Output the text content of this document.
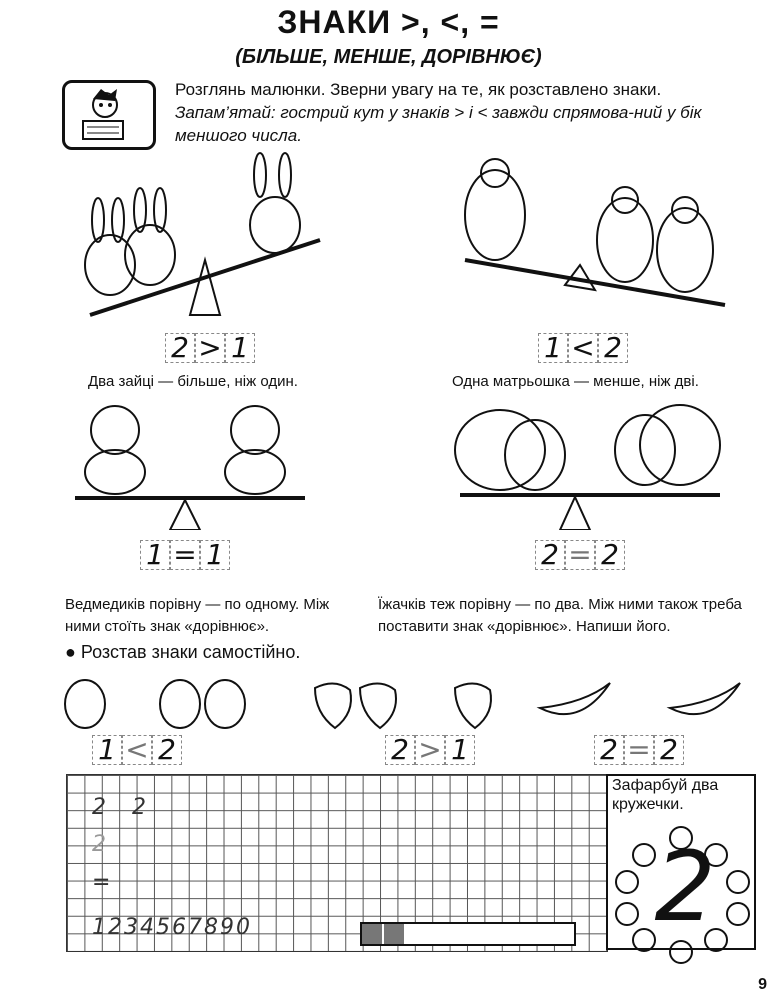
ЗНАКИ >, <, =
(БІЛЬШЕ, МЕНШЕ, ДОРІВНЮЄ)
Розглянь малюнки. Зверни увагу на те, як розставлено знаки.
Запам’ятай: гострий кут у знаків > і < завжди спрямова-ний у бік меншого числа.
2 > 1
Два зайці — більше, ніж один.
1 < 2
Одна матрьошка — менше, ніж дві.
1 = 1
Ведмедиків порівну — по одному. Між ними стоїть знак «дорівнює».
2 = 2
Їжачків теж порівну — по два. Між ними також треба поставити знак «дорівнює». Напиши його.
● Розстав знаки самостійно.
1 < 2	2 > 1	2 = 2
2 2
2
=
1234567890
Зафарбуй два кружечки.
2
9
